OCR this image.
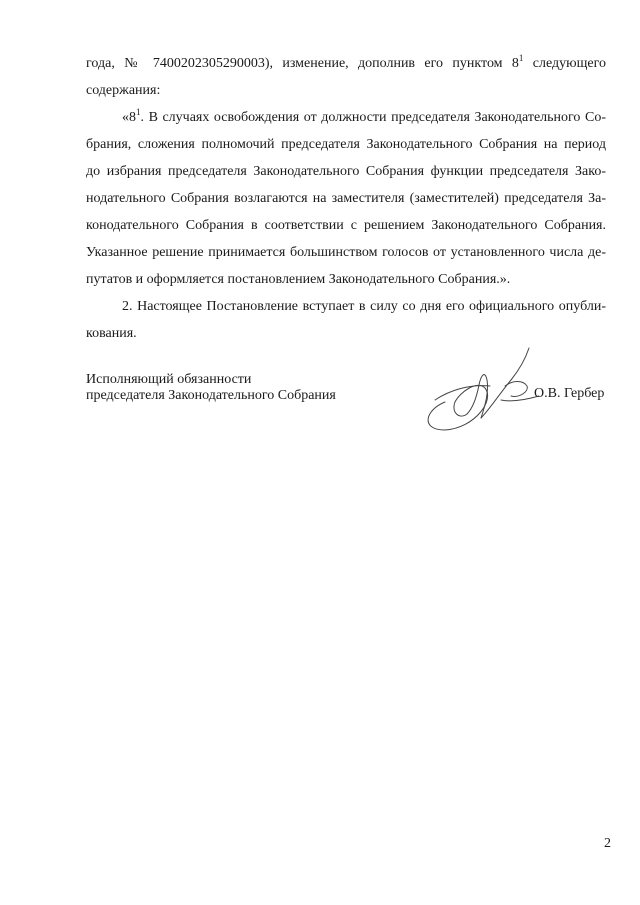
года, № 7400202305290003), изменение, дополнив его пунктом $8^1$ следующего
содержания:
«$8^1$. В случаях освобождения от должности председателя Законодательного Со-
брания, сложения полномочий председателя Законодательного Собрания на период
до избрания председателя Законодательного Собрания функции председателя Зако-
нодательного Собрания возлагаются на заместителя (заместителей) председателя За-
конодательного Собрания в соответствии с решением Законодательного Собрания.
Указанное решение принимается большинством голосов от установленного числа де-
путатов и оформляется постановлением Законодательного Собрания.».
2. Настоящее Постановление вступает в силу со дня его официального опубли-
кования.
Исполняющий обязанности
председателя Законодательного Собрания	О.В. Гербер
2
